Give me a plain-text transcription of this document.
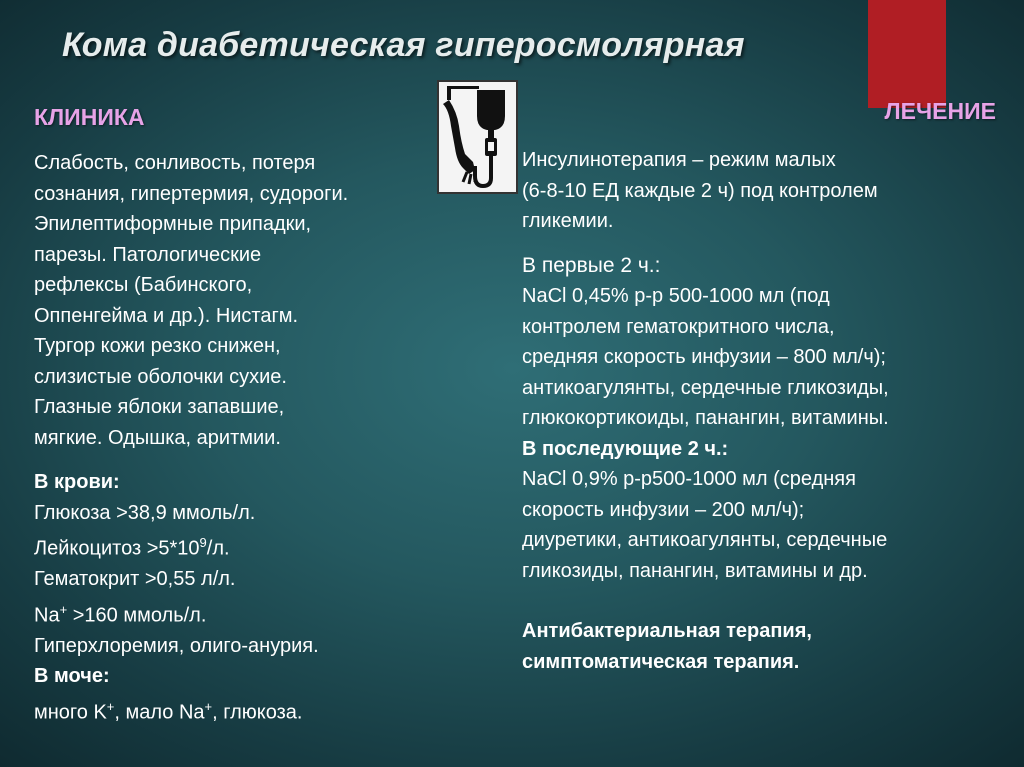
Кома диабетическая гиперосмолярная
КЛИНИКА	ЛЕЧЕНИЕ

Слабость, сонливость, потеря

сознания, гипертермия, судороги.

Эпилептиформные припадки,

парезы. Патологические

рефлексы (Бабинского,

Оппенгейма и др.). Нистагм.

Тургор кожи резко снижен,

слизистые оболочки сухие.

Глазные яблоки запавшие,

мягкие. Одышка, аритмии.

В крови:

Глюкоза >38,9 ммоль/л.

Лейкоцитоз $>5*10^9/л$.

Гематокрит >0,55 л/л.

Na+ >160 ммоль/л.

Гиперхлоремия, олиго-анурия.

В моче:

много K+, мало Na+, глюкоза.

Инсулинотерапия – режим малых

(6-8-10 ЕД каждые 2 ч) под контролем

гликемии.

В первые 2 ч.:

NaCl 0,45% р-р 500-1000 мл (под

контролем гематокритного числа,

средняя скорость инфузии – 800 мл/ч);

антикоагулянты, сердечные гликозиды,

глюкокортикоиды, панангин, витамины.

В последующие 2 ч.:

NaCl 0,9% р-р500-1000 мл (средняя

скорость инфузии – 200 мл/ч);

диуретики, антикоагулянты, сердечные

гликозиды, панангин, витамины и др.

Антибактериальная терапия,

симптоматическая терапия.
